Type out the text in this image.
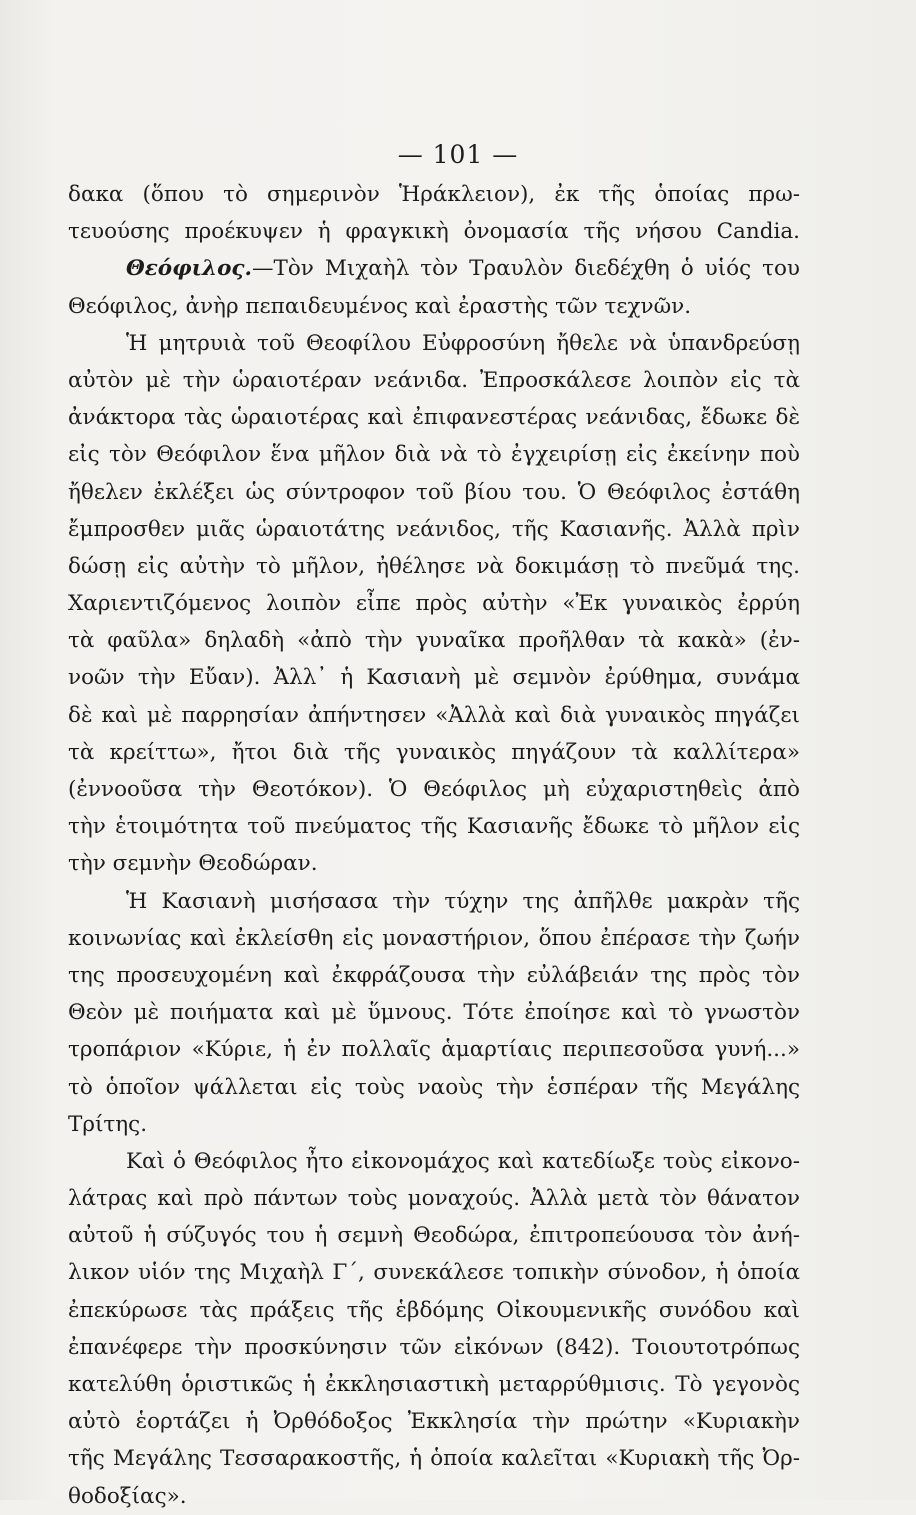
— 101 —
δακα (ὅπου τὸ σημερινὸν Ἡράκλειον), ἐκ τῆς ὁποίας πρω-
τευούσης προέκυψεν ἡ φραγκικὴ ὀνομασία τῆς νήσου Candia.
Θεόφιλος.—Τὸν Μιχαὴλ τὸν Τραυλὸν διεδέχθη ὁ υἱός του
Θεόφιλος, ἀνὴρ πεπαιδευμένος καὶ ἐραστὴς τῶν τεχνῶν.
Ἡ μητρυιὰ τοῦ Θεοφίλου Εὐφροσύνη ἤθελε νὰ ὑπανδρεύσῃ
αὐτὸν μὲ τὴν ὡραιοτέραν νεάνιδα. Ἐπροσκάλεσε λοιπὸν εἰς τὰ
ἀνάκτορα τὰς ὡραιοτέρας καὶ ἐπιφανεστέρας νεάνιδας, ἔδωκε δὲ
εἰς τὸν Θεόφιλον ἕνα μῆλον διὰ νὰ τὸ ἐγχειρίσῃ εἰς ἐκείνην ποὺ
ἤθελεν ἐκλέξει ὡς σύντροφον τοῦ βίου του. Ὁ Θεόφιλος ἐστάθη
ἔμπροσθεν μιᾶς ὡραιοτάτης νεάνιδος, τῆς Κασιανῆς. Ἀλλὰ πρὶν
δώσῃ εἰς αὐτὴν τὸ μῆλον, ἠθέλησε νὰ δοκιμάσῃ τὸ πνεῦμά της.
Χαριεντιζόμενος λοιπὸν εἶπε πρὸς αὐτὴν «Ἐκ γυναικὸς ἐρρύη
τὰ φαῦλα» δηλαδὴ «ἀπὸ τὴν γυναῖκα προῆλθαν τὰ κακὰ» (ἐν-
νοῶν τὴν Εὔαν). Ἀλλ᾽ ἡ Κασιανὴ μὲ σεμνὸν ἐρύθημα, συνάμα
δὲ καὶ μὲ παρρησίαν ἀπήντησεν «Ἀλλὰ καὶ διὰ γυναικὸς πηγάζει
τὰ κρείττω», ἤτοι διὰ τῆς γυναικὸς πηγάζουν τὰ καλλίτερα»
(ἐννοοῦσα τὴν Θεοτόκον). Ὁ Θεόφιλος μὴ εὐχαριστηθεὶς ἀπὸ
τὴν ἑτοιμότητα τοῦ πνεύματος τῆς Κασιανῆς ἔδωκε τὸ μῆλον εἰς
τὴν σεμνὴν Θεοδώραν.
Ἡ Κασιανὴ μισήσασα τὴν τύχην της ἀπῆλθε μακρὰν τῆς
κοινωνίας καὶ ἐκλείσθη εἰς μοναστήριον, ὅπου ἐπέρασε τὴν ζωήν
της προσευχομένη καὶ ἐκφράζουσα τὴν εὐλάβειάν της πρὸς τὸν
Θεὸν μὲ ποιήματα καὶ μὲ ὕμνους. Τότε ἐποίησε καὶ τὸ γνωστὸν
τροπάριον «Κύριε, ἡ ἐν πολλαῖς ἁμαρτίαις περιπεσοῦσα γυνή...»
τὸ ὁποῖον ψάλλεται εἰς τοὺς ναοὺς τὴν ἑσπέραν τῆς Μεγάλης
Τρίτης.
Καὶ ὁ Θεόφιλος ἦτο εἰκονομάχος καὶ κατεδίωξε τοὺς εἰκονο-
λάτρας καὶ πρὸ πάντων τοὺς μοναχούς. Ἀλλὰ μετὰ τὸν θάνατον
αὐτοῦ ἡ σύζυγός του ἡ σεμνὴ Θεοδώρα, ἐπιτροπεύουσα τὸν ἀνή-
λικον υἱόν της Μιχαὴλ Γ΄, συνεκάλεσε τοπικὴν σύνοδον, ἡ ὁποία
ἐπεκύρωσε τὰς πράξεις τῆς ἑβδόμης Οἰκουμενικῆς συνόδου καὶ
ἐπανέφερε τὴν προσκύνησιν τῶν εἰκόνων (842). Τοιουτοτρόπως
κατελύθη ὁριστικῶς ἡ ἐκκλησιαστικὴ μεταρρύθμισις. Τὸ γεγονὸς
αὐτὸ ἑορτάζει ἡ Ὀρθόδοξος Ἐκκλησία τὴν πρώτην «Κυριακὴν
τῆς Μεγάλης Τεσσαρακοστῆς, ἡ ὁποία καλεῖται «Κυριακὴ τῆς Ὀρ-
θοδοξίας».
